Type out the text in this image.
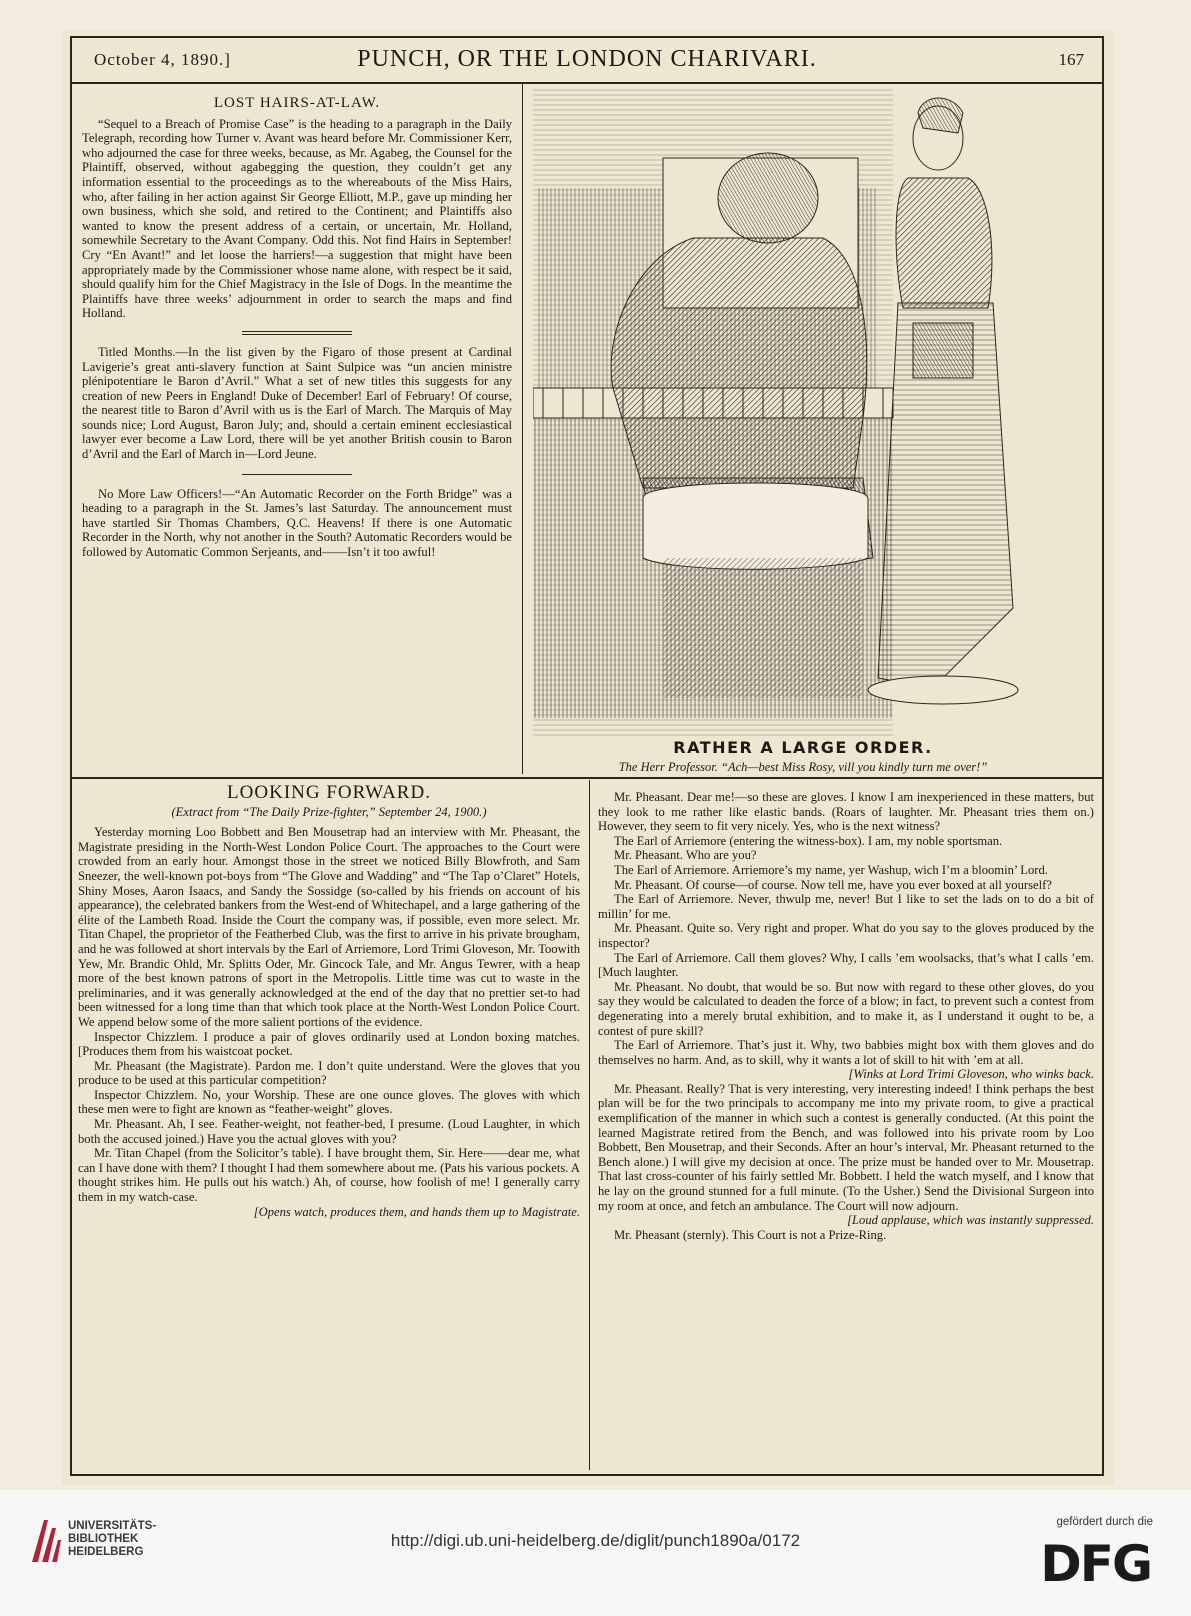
October 4, 1890.]	PUNCH, OR THE LONDON CHARIVARI.	167
LOST HAIRS-AT-LAW.

“Sequel to a Breach of Promise Case” is the heading to a paragraph in the Daily Telegraph, recording how Turner v. Avant was heard before Mr. Commissioner Kerr, who adjourned the case for three weeks, because, as Mr. Agabeg, the Counsel for the Plaintiff, observed, without agabegging the question, they couldn’t get any information essential to the proceedings as to the whereabouts of the Miss Hairs, who, after failing in her action against Sir George Elliott, M.P., gave up minding her own business, which she sold, and retired to the Continent; and Plaintiffs also wanted to know the present address of a certain, or uncertain, Mr. Holland, somewhile Secretary to the Avant Company. Odd this. Not find Hairs in September! Cry “En Avant!” and let loose the harriers!—a suggestion that might have been appropriately made by the Commissioner whose name alone, with respect be it said, should qualify him for the Chief Magistracy in the Isle of Dogs. In the meantime the Plaintiffs have three weeks’ adjournment in order to search the maps and find Holland.

Titled Months.—In the list given by the Figaro of those present at Cardinal Lavigerie’s great anti-slavery function at Saint Sulpice was “un ancien ministre plénipotentiare le Baron d’Avril.” What a set of new titles this suggests for any creation of new Peers in England! Duke of December! Earl of February! Of course, the nearest title to Baron d’Avril with us is the Earl of March. The Marquis of May sounds nice; Lord August, Baron July; and, should a certain eminent ecclesiastical lawyer ever become a Law Lord, there will be yet another British cousin to Baron d’Avril and the Earl of March in—Lord Jeune.

No More Law Officers!—“An Automatic Recorder on the Forth Bridge” was a heading to a paragraph in the St. James’s last Saturday. The announcement must have startled Sir Thomas Chambers, Q.C. Heavens! If there is one Automatic Recorder in the North, why not another in the South? Automatic Recorders would be followed by Automatic Common Serjeants, and——Isn’t it too awful!

RATHER A LARGE ORDER.
The Herr Professor. “Ach—best Miss Rosy, vill you kindly turn me over!”
LOOKING FORWARD.
(Extract from “The Daily Prize-fighter,” September 24, 1900.)

Yesterday morning Loo Bobbett and Ben Mousetrap had an interview with Mr. Pheasant, the Magistrate presiding in the North-West London Police Court. The approaches to the Court were crowded from an early hour. Amongst those in the street we noticed Billy Blowfroth, and Sam Sneezer, the well-known pot-boys from “The Glove and Wadding” and “The Tap o’Claret” Hotels, Shiny Moses, Aaron Isaacs, and Sandy the Sossidge (so-called by his friends on account of his appearance), the celebrated bankers from the West-end of Whitechapel, and a large gathering of the élite of the Lambeth Road. Inside the Court the company was, if possible, even more select. Mr. Titan Chapel, the proprietor of the Featherbed Club, was the first to arrive in his private brougham, and he was followed at short intervals by the Earl of Arriemore, Lord Trimi Gloveson, Mr. Toowith Yew, Mr. Brandic Ohld, Mr. Splitts Oder, Mr. Gincock Tale, and Mr. Angus Tewrer, with a heap more of the best known patrons of sport in the Metropolis. Little time was cut to waste in the preliminaries, and it was generally acknowledged at the end of the day that no prettier set-to had been witnessed for a long time than that which took place at the North-West London Police Court. We append below some of the more salient portions of the evidence.

Inspector Chizzlem. I produce a pair of gloves ordinarily used at London boxing matches. [Produces them from his waistcoat pocket.

Mr. Pheasant (the Magistrate). Pardon me. I don’t quite understand. Were the gloves that you produce to be used at this particular competition?

Inspector Chizzlem. No, your Worship. These are one ounce gloves. The gloves with which these men were to fight are known as “feather-weight” gloves.

Mr. Pheasant. Ah, I see. Feather-weight, not feather-bed, I presume. (Loud Laughter, in which both the accused joined.) Have you the actual gloves with you?

Mr. Titan Chapel (from the Solicitor’s table). I have brought them, Sir. Here——dear me, what can I have done with them? I thought I had them somewhere about me. (Pats his various pockets. A thought strikes him. He pulls out his watch.) Ah, of course, how foolish of me! I generally carry them in my watch-case.

[Opens watch, produces them, and hands them up to Magistrate.

Mr. Pheasant. Dear me!—so these are gloves. I know I am inexperienced in these matters, but they look to me rather like elastic bands. (Roars of laughter. Mr. Pheasant tries them on.) However, they seem to fit very nicely. Yes, who is the next witness?

The Earl of Arriemore (entering the witness-box). I am, my noble sportsman.

Mr. Pheasant. Who are you?

The Earl of Arriemore. Arriemore’s my name, yer Washup, wich I’m a bloomin’ Lord.

Mr. Pheasant. Of course—of course. Now tell me, have you ever boxed at all yourself?

The Earl of Arriemore. Never, thwulp me, never! But I like to set the lads on to do a bit of millin’ for me.

Mr. Pheasant. Quite so. Very right and proper. What do you say to the gloves produced by the inspector?

The Earl of Arriemore. Call them gloves? Why, I calls ’em woolsacks, that’s what I calls ’em. [Much laughter.

Mr. Pheasant. No doubt, that would be so. But now with regard to these other gloves, do you say they would be calculated to deaden the force of a blow; in fact, to prevent such a contest from degenerating into a merely brutal exhibition, and to make it, as I understand it ought to be, a contest of pure skill?

The Earl of Arriemore. That’s just it. Why, two babbies might box with them gloves and do themselves no harm. And, as to skill, why it wants a lot of skill to hit with ’em at all.

[Winks at Lord Trimi Gloveson, who winks back.

Mr. Pheasant. Really? That is very interesting, very interesting indeed! I think perhaps the best plan will be for the two principals to accompany me into my private room, to give a practical exemplification of the manner in which such a contest is generally conducted. (At this point the learned Magistrate retired from the Bench, and was followed into his private room by Loo Bobbett, Ben Mousetrap, and their Seconds. After an hour’s interval, Mr. Pheasant returned to the Bench alone.) I will give my decision at once. The prize must be handed over to Mr. Mousetrap. That last cross-counter of his fairly settled Mr. Bobbett. I held the watch myself, and I know that he lay on the ground stunned for a full minute. (To the Usher.) Send the Divisional Surgeon into my room at once, and fetch an ambulance. The Court will now adjourn.

[Loud applause, which was instantly suppressed.

Mr. Pheasant (sternly). This Court is not a Prize-Ring.

UNIVERSITÄTS-
BIBLIOTHEK
HEIDELBERG
http://digi.ub.uni-heidelberg.de/diglit/punch1890a/0172
gefördert durch die
DFG
